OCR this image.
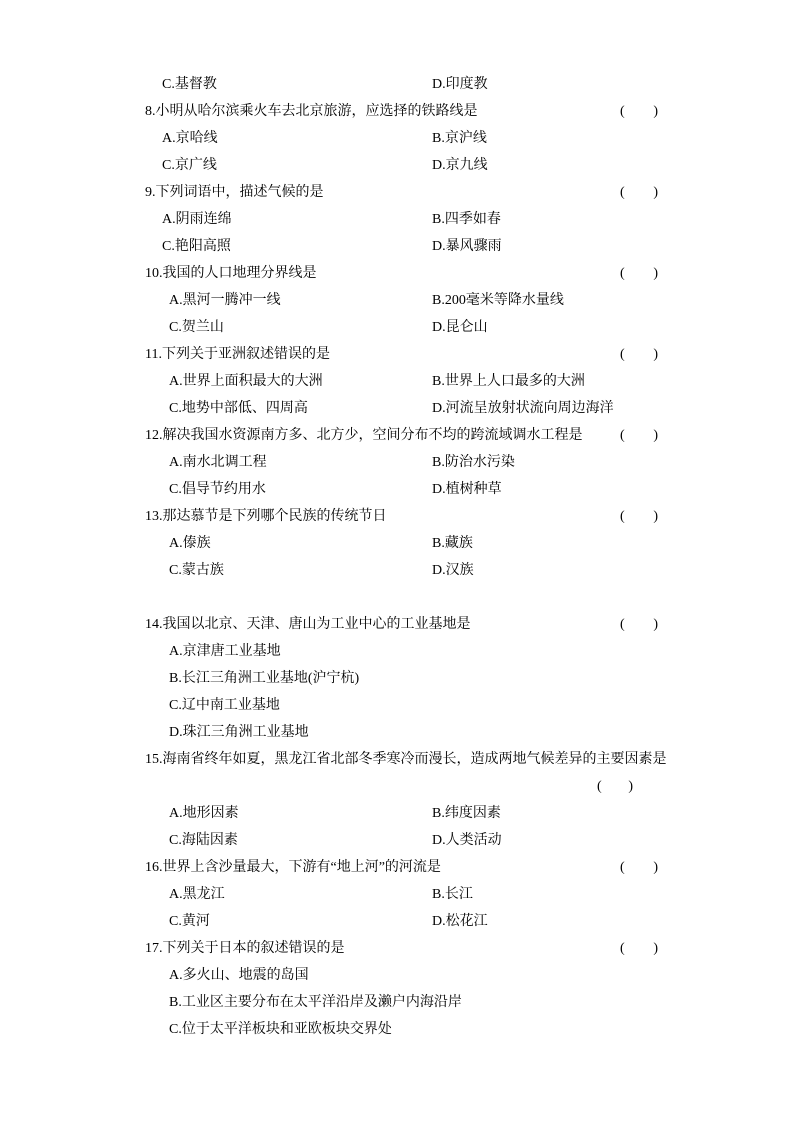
C.基督教	D.印度教
8.小明从哈尔滨乘火车去北京旅游，应选择的铁路线是	( )
A.京哈线	B.京沪线
C.京广线	D.京九线
9.下列词语中，描述气候的是	( )
A.阴雨连绵	B.四季如春
C.艳阳高照	D.暴风骤雨
10.我国的人口地理分界线是	( )
A.黑河一腾冲一线	B.200毫米等降水量线
C.贺兰山	D.昆仑山
11.下列关于亚洲叙述错误的是	( )
A.世界上面积最大的大洲	B.世界上人口最多的大洲
C.地势中部低、四周高	D.河流呈放射状流向周边海洋
12.解决我国水资源南方多、北方少，空间分布不均的跨流域调水工程是	( )
A.南水北调工程	B.防治水污染
C.倡导节约用水	D.植树种草
13.那达慕节是下列哪个民族的传统节日	( )
A.傣族	B.藏族
C.蒙古族	D.汉族
14.我国以北京、天津、唐山为工业中心的工业基地是	( )
A.京津唐工业基地
B.长江三角洲工业基地(沪宁杭)
C.辽中南工业基地
D.珠江三角洲工业基地
15.海南省终年如夏，黑龙江省北部冬季寒冷而漫长，造成两地气候差异的主要因素是
( )
A.地形因素	B.纬度因素
C.海陆因素	D.人类活动
16.世界上含沙量最大，下游有“地上河”的河流是	( )
A.黑龙江	B.长江
C.黄河	D.松花江
17.下列关于日本的叙述错误的是	( )
A.多火山、地震的岛国
B.工业区主要分布在太平洋沿岸及濑户内海沿岸
C.位于太平洋板块和亚欧板块交界处
